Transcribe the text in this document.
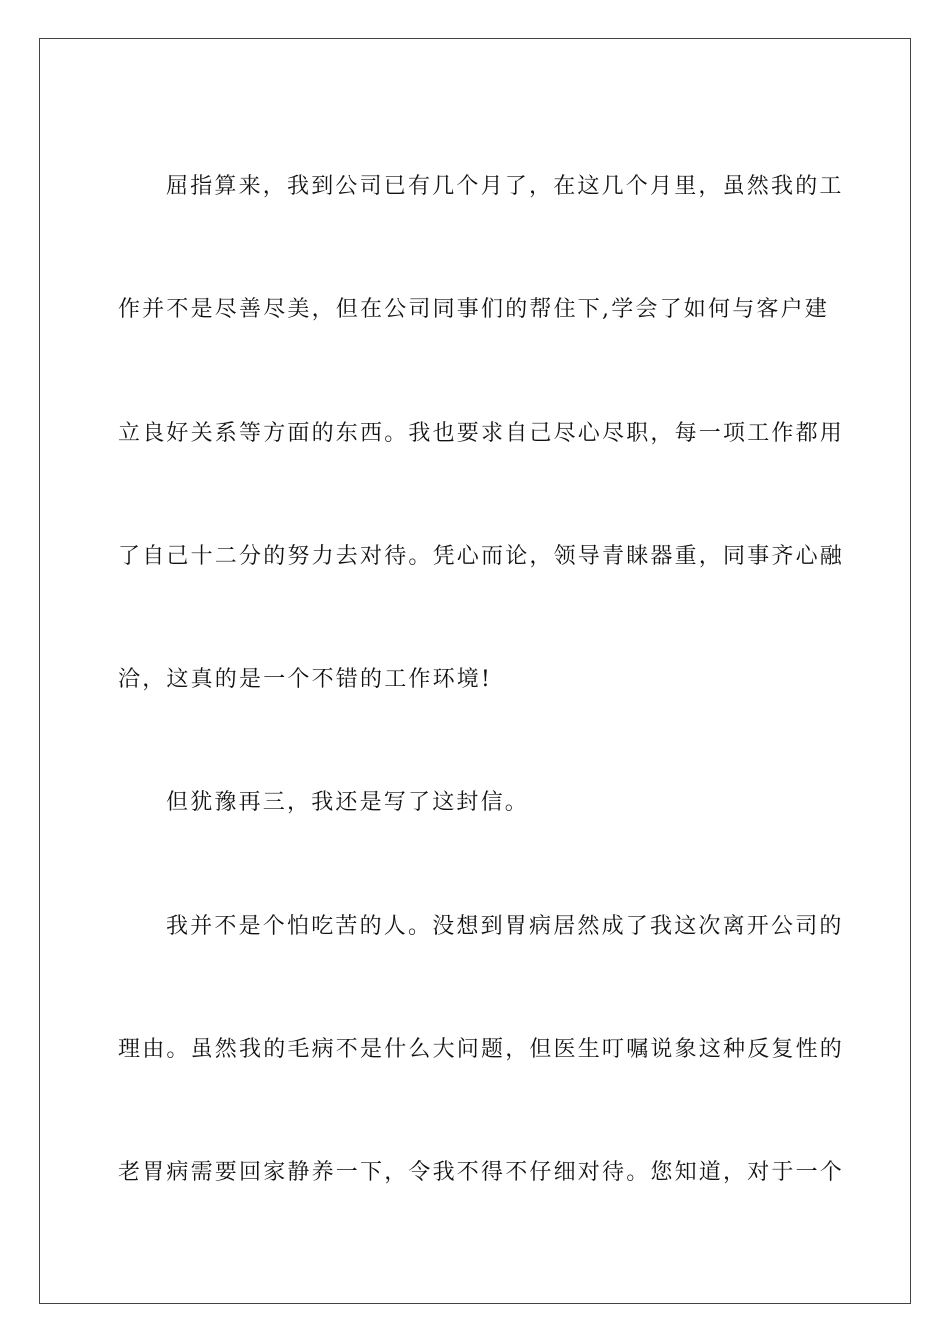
屈指算来，我到公司已有几个月了，在这几个月里，虽然我的工
作并不是尽善尽美，但在公司同事们的帮住下,学会了如何与客户建
立良好关系等方面的东西。我也要求自己尽心尽职，每一项工作都用
了自己十二分的努力去对待。凭心而论，领导青睐器重，同事齐心融
洽，这真的是一个不错的工作环境!
但犹豫再三，我还是写了这封信。
我并不是个怕吃苦的人。没想到胃病居然成了我这次离开公司的
理由。虽然我的毛病不是什么大问题，但医生叮嘱说象这种反复性的
老胃病需要回家静养一下，令我不得不仔细对待。您知道，对于一个
